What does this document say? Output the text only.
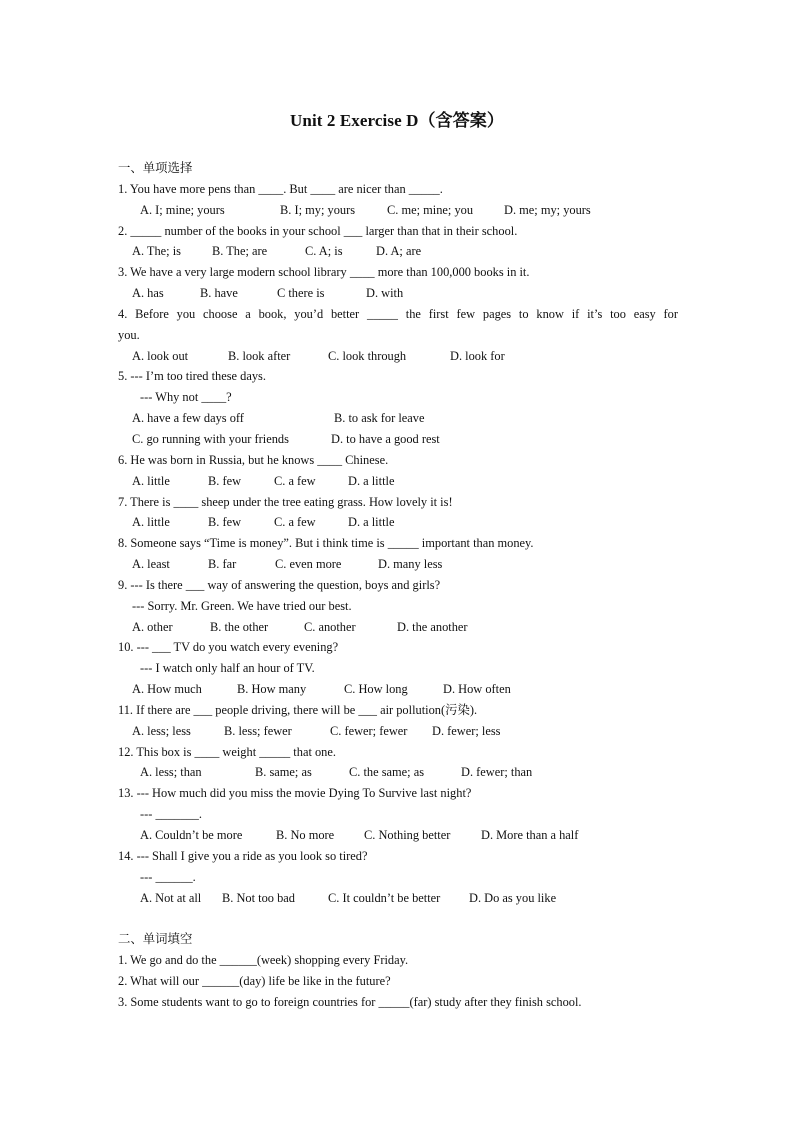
Unit 2 Exercise D（含答案）
一、单项选择
1. You have more pens than ____. But ____ are nicer than _____.
A. I; mine; yours	B. I; my; yours	C. me; mine; you D. me; my; yours
2. _____ number of the books in your school ___ larger than that in their school.
A. The; is	B. The; are	C. A; is	D. A; are
3. We have a very large modern school library ____ more than 100,000 books in it.
A. has	B. have	C there is	D. with
4. Before you choose a book, you’d better _____ the first few pages to know if it’s too easy for
you.
A. look out	B. look after	C. look through	D. look for
5. --- I’m too tired these days.
--- Why not ____?
A. have a few days off	B. to ask for leave
C. go running with your friends	D. to have a good rest
6. He was born in Russia, but he knows ____ Chinese.
A. little	B. few	C. a few	D. a little
7. There is ____ sheep under the tree eating grass. How lovely it is!
A. little	B. few	C. a few	D. a little
8. Someone says “Time is money”. But i think time is _____ important than money.
A. least	B. far	C. even more	D. many less
9. --- Is there ___ way of answering the question, boys and girls?
--- Sorry. Mr. Green. We have tried our best.
A. other	B. the other	C. another	D. the another
10. --- ___ TV do you watch every evening?
--- I watch only half an hour of TV.
A. How much	B. How many	C. How long	D. How often
11. If there are ___ people driving, there will be ___ air pollution(污染).
A. less; less	B. less; fewer	C. fewer; fewer D. fewer; less
12. This box is ____ weight _____ that one.
A. less; than	B. same; as	C. the same; as	D. fewer; than
13. --- How much did you miss the movie Dying To Survive last night?
--- _______.
A. Couldn’t be more	B. No more C. Nothing better D. More than a half
14. --- Shall I give you a ride as you look so tired?
--- ______.
A. Not at all B. Not too bad	C. It couldn’t be better D. Do as you like
二、单词填空
1. We go and do the ______(week) shopping every Friday.
2. What will our ______(day) life be like in the future?
3. Some students want to go to foreign countries for _____(far) study after they finish school.
